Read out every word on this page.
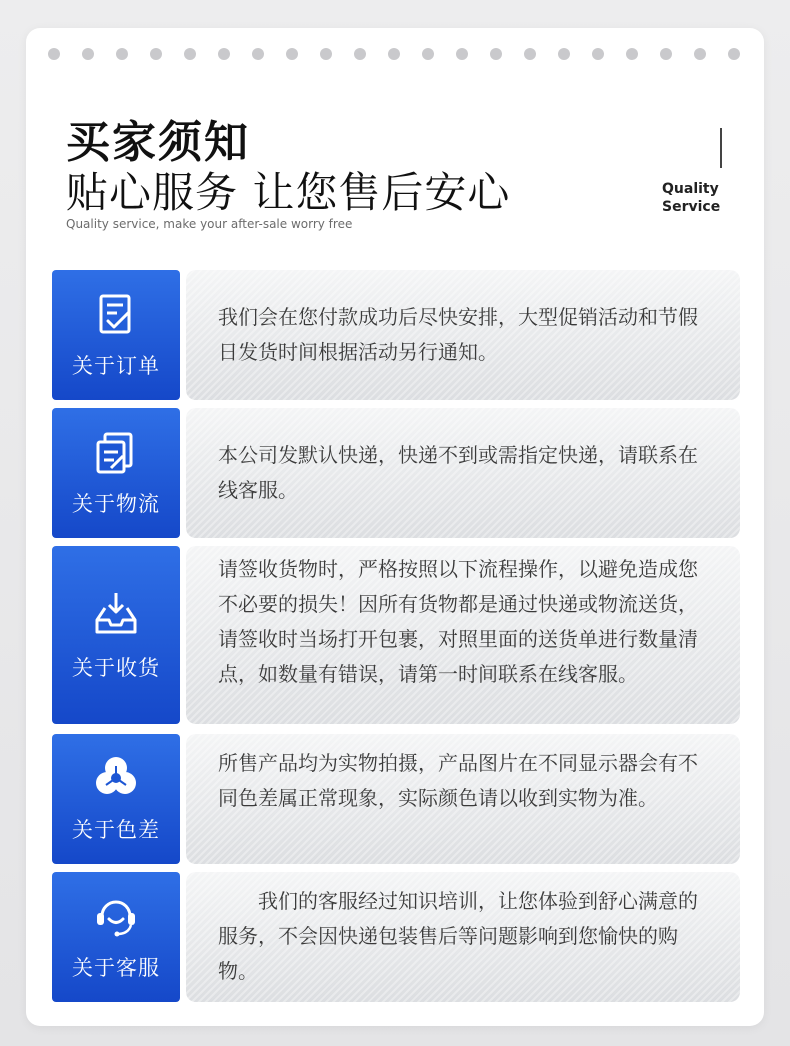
买家须知
贴心服务 让您售后安心
Quality service, make your after-sale worry free
Quality
Service
关于订单
我们会在您付款成功后尽快安排，大型促销活动和节假日发货时间根据活动另行通知。
关于物流
本公司发默认快递，快递不到或需指定快递，请联系在线客服。
关于收货
请签收货物时，严格按照以下流程操作，以避免造成您不必要的损失！因所有货物都是通过快递或物流送货，请签收时当场打开包裹，对照里面的送货单进行数量清点，如数量有错误，请第一时间联系在线客服。
关于色差
所售产品均为实物拍摄，产品图片在不同显示器会有不同色差属正常现象，实际颜色请以收到实物为准。
关于客服
　　我们的客服经过知识培训，让您体验到舒心满意的服务，不会因快递包装售后等问题影响到您愉快的购物。
